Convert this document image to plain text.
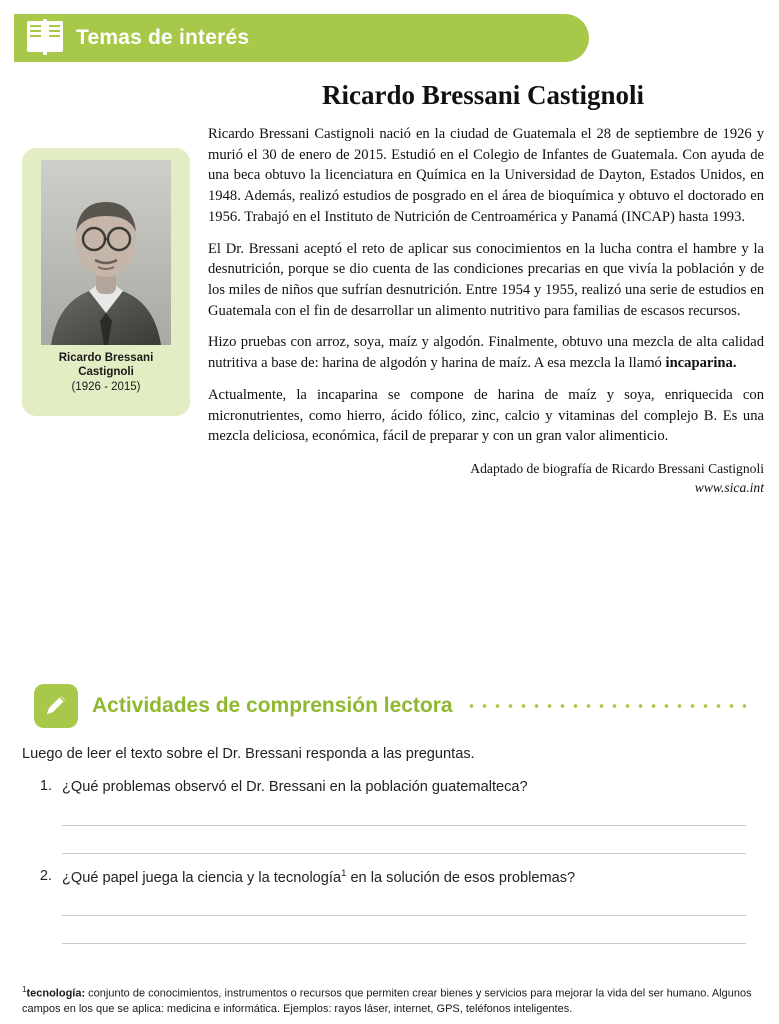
Temas de interés
Ricardo Bressani Castignoli
Ricardo Bressani
Castignoli
(1926 - 2015)

Ricardo Bressani Castignoli nació en la ciudad de Guatemala el 28 de septiembre de 1926 y murió el 30 de enero de 2015. Estudió en el Colegio de Infantes de Guatemala. Con ayuda de una beca obtuvo la licenciatura en Química en la Universidad de Dayton, Estados Unidos, en 1948. Además, realizó estudios de posgrado en el área de bioquímica y obtuvo el doctorado en 1956. Trabajó en el Instituto de Nutrición de Centroamérica y Panamá (INCAP) hasta 1993.

El Dr. Bressani aceptó el reto de aplicar sus conocimientos en la lucha contra el hambre y la desnutrición, porque se dio cuenta de las condiciones precarias en que vivía la población y de los miles de niños que sufrían desnutrición. Entre 1954 y 1955, realizó una serie de estudios en Guatemala con el fin de desarrollar un alimento nutritivo para familias de escasos recursos.

Hizo pruebas con arroz, soya, maíz y algodón. Finalmente, obtuvo una mezcla de alta calidad nutritiva a base de: harina de algodón y harina de maíz. A esa mezcla la llamó incaparina.

Actualmente, la incaparina se compone de harina de maíz y soya, enriquecida con micronutrientes, como hierro, ácido fólico, zinc, calcio y vitaminas del complejo B. Es una mezcla deliciosa, económica, fácil de preparar y con un gran valor alimenticio.

Adaptado de biografía de Ricardo Bressani Castignoli
www.sica.int
Actividades de comprensión lectora
Luego de leer el texto sobre el Dr. Bressani responda a las preguntas.
1. ¿Qué problemas observó el Dr. Bressani en la población guatemalteca?
2. ¿Qué papel juega la ciencia y la tecnología$^1$ en la solución de esos problemas?
$^1$tecnología: conjunto de conocimientos, instrumentos o recursos que permiten crear bienes y servicios para mejorar la vida del ser humano. Algunos campos en los que se aplica: medicina e informática. Ejemplos: rayos láser, internet, GPS, teléfonos inteligentes.
